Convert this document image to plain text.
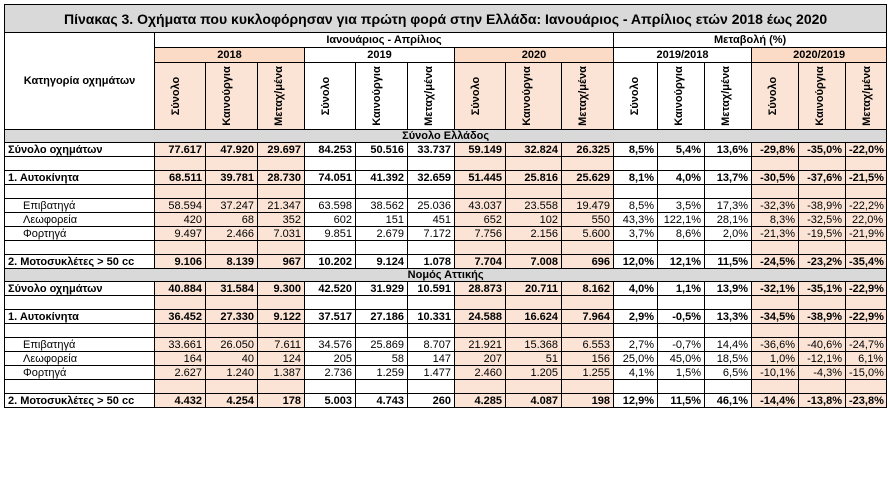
Πίνακας 3. Οχήματα που κυκλοφόρησαν για πρώτη φορά στην Ελλάδα: Ιανουάριος - Απρίλιος ετών 2018 έως 2020															
Κατηγορία οχημάτων	Ιανουάριος - Απρίλιος									Μεταβολή (%)					
	2018			2019			2020			2019/2018			2020/2019		

	Σύνολο	Καινούργια	Μεταχ/μένα	Σύνολο	Καινούργια	Μεταχ/μένα	Σύνολο	Καινούργια	Μεταχ/μένα	Σύνολο	Καινούργια	Μεταχ/μένα	Σύνολο	Καινούργια	Μεταχ/μένα

Σύνολο Ελλάδος															
Σύνολο οχημάτων	77.617	47.920	29.697	84.253	50.516	33.737	59.149	32.824	26.325	8,5%	5,4%	13,6%	-29,8%	-35,0%	-22,0%

1. Αυτοκίνητα	68.511	39.781	28.730	74.051	41.392	32.659	51.445	25.816	25.629	8,1%	4,0%	13,7%	-30,5%	-37,6%	-21,5%

Επιβατηγά	58.594	37.247	21.347	63.598	38.562	25.036	43.037	23.558	19.479	8,5%	3,5%	17,3%	-32,3%	-38,9%	-22,2%
Λεωφορεία	420	68	352	602	151	451	652	102	550	43,3%	122,1%	28,1%	8,3%	-32,5%	22,0%
Φορτηγά	9.497	2.466	7.031	9.851	2.679	7.172	7.756	2.156	5.600	3,7%	8,6%	2,0%	-21,3%	-19,5%	-21,9%

2. Μοτοσυκλέτες > 50 cc	9.106	8.139	967	10.202	9.124	1.078	7.704	7.008	696	12,0%	12,1%	11,5%	-24,5%	-23,2%	-35,4%
Νομός Αττικής															
Σύνολο οχημάτων	40.884	31.584	9.300	42.520	31.929	10.591	28.873	20.711	8.162	4,0%	1,1%	13,9%	-32,1%	-35,1%	-22,9%

1. Αυτοκίνητα	36.452	27.330	9.122	37.517	27.186	10.331	24.588	16.624	7.964	2,9%	-0,5%	13,3%	-34,5%	-38,9%	-22,9%

Επιβατηγά	33.661	26.050	7.611	34.576	25.869	8.707	21.921	15.368	6.553	2,7%	-0,7%	14,4%	-36,6%	-40,6%	-24,7%
Λεωφορεία	164	40	124	205	58	147	207	51	156	25,0%	45,0%	18,5%	1,0%	-12,1%	6,1%
Φορτηγά	2.627	1.240	1.387	2.736	1.259	1.477	2.460	1.205	1.255	4,1%	1,5%	6,5%	-10,1%	-4,3%	-15,0%

2. Μοτοσυκλέτες > 50 cc	4.432	4.254	178	5.003	4.743	260	4.285	4.087	198	12,9%	11,5%	46,1%	-14,4%	-13,8%	-23,8%
